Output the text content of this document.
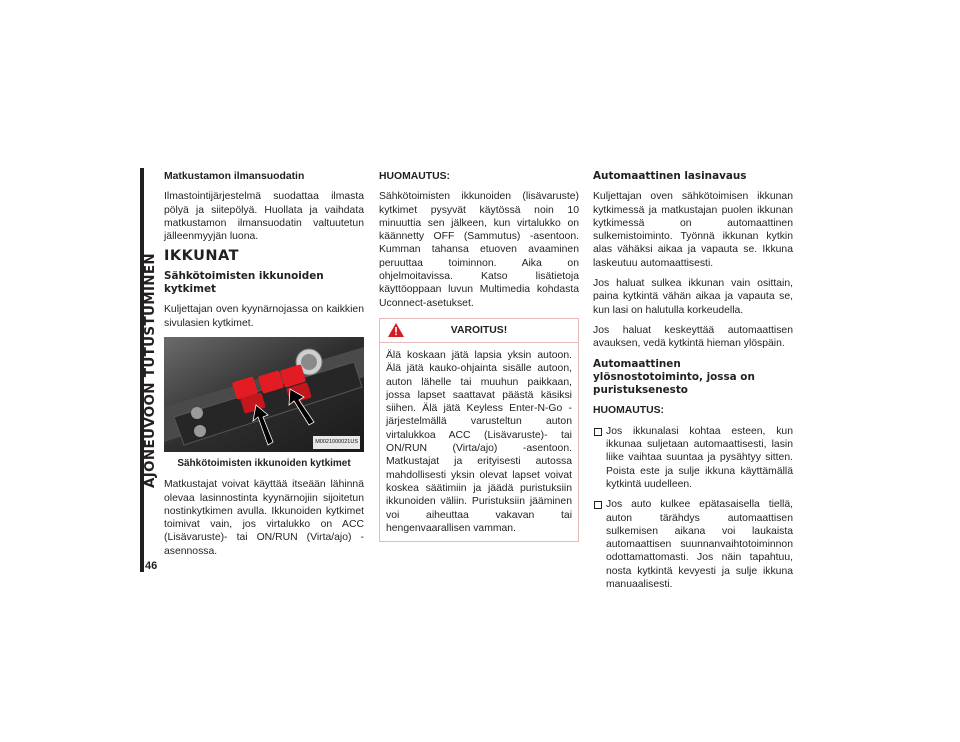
AJONEUVOON TUTUSTUMINEN
46
Matkustamon ilmansuodatin

Ilmastointijärjestelmä suodattaa ilmasta pölyä ja siitepölyä. Huollata ja vaihdata matkustamon ilmansuodatin valtuutetun jälleenmyyjän luona.

IKKUNAT
Sähkötoimisten ikkunoiden kytkimet

Kuljettajan oven kyynärnojassa on kaikkien sivulasien kytkimet.

M0021000021US
Sähkötoimisten ikkunoiden kytkimet

Matkustajat voivat käyttää itseään lähinnä olevaa lasinnostinta kyynärnojiin sijoitetun nostinkytkimen avulla. Ikkunoiden kytkimet toimivat vain, jos virtalukko on ACC (Lisävaruste)- tai ON/RUN (Virta/ajo) -asennossa.

HUOMAUTUS:

Sähkötoimisten ikkunoiden (lisävaruste) kytkimet pysyvät käytössä noin 10 minuuttia sen jälkeen, kun virtalukko on käännetty OFF (Sammutus) -asentoon. Kumman tahansa etuoven avaaminen peruuttaa toiminnon. Aika on ohjelmoitavissa. Katso lisätietoja käyttöoppaan luvun Multimedia kohdasta Uconnect-asetukset.

VAROITUS!
Älä koskaan jätä lapsia yksin autoon. Älä jätä kauko-ohjainta sisälle autoon, auton lähelle tai muuhun paikkaan, jossa lapset saattavat päästä käsiksi siihen. Älä jätä Keyless Enter-N-Go -järjestelmällä varusteltun auton virtalukkoa ACC (Lisävaruste)- tai ON/RUN (Virta/ajo) -asentoon. Matkustajat ja erityisesti autossa mahdollisesti yksin olevat lapset voivat koskea säätimiin ja jäädä puristuksiin ikkunoiden väliin. Puristuksiin jääminen voi aiheuttaa vakavan tai hengenvaarallisen vamman.
Automaattinen lasinavaus

Kuljettajan oven sähkötoimisen ikkunan kytkimessä ja matkustajan puolen ikkunan kytkimessä on automaattinen sulkemistoiminto. Työnnä ikkunan kytkin alas vähäksi aikaa ja vapauta se. Ikkuna laskeutuu automaattisesti.

Jos haluat sulkea ikkunan vain osittain, paina kytkintä vähän aikaa ja vapauta se, kun lasi on halutulla korkeudella.

Jos haluat keskeyttää automaattisen avauksen, vedä kytkintä hieman ylöspäin.

Automaattinen ylösnostotoiminto, jossa on puristuksenesto

HUOMAUTUS:

Jos ikkunalasi kohtaa esteen, kun ikkunaa suljetaan automaattisesti, lasin liike vaihtaa suuntaa ja pysähtyy sitten. Poista este ja sulje ikkuna käyttämällä kytkintä uudelleen.
Jos auto kulkee epätasaisella tiellä, auton tärähdys automaattisen sulkemisen aikana voi laukaista automaattisen suunnanvaihtotoiminnon odottamattomasti. Jos näin tapahtuu, nosta kytkintä kevyesti ja sulje ikkuna manuaalisesti.
